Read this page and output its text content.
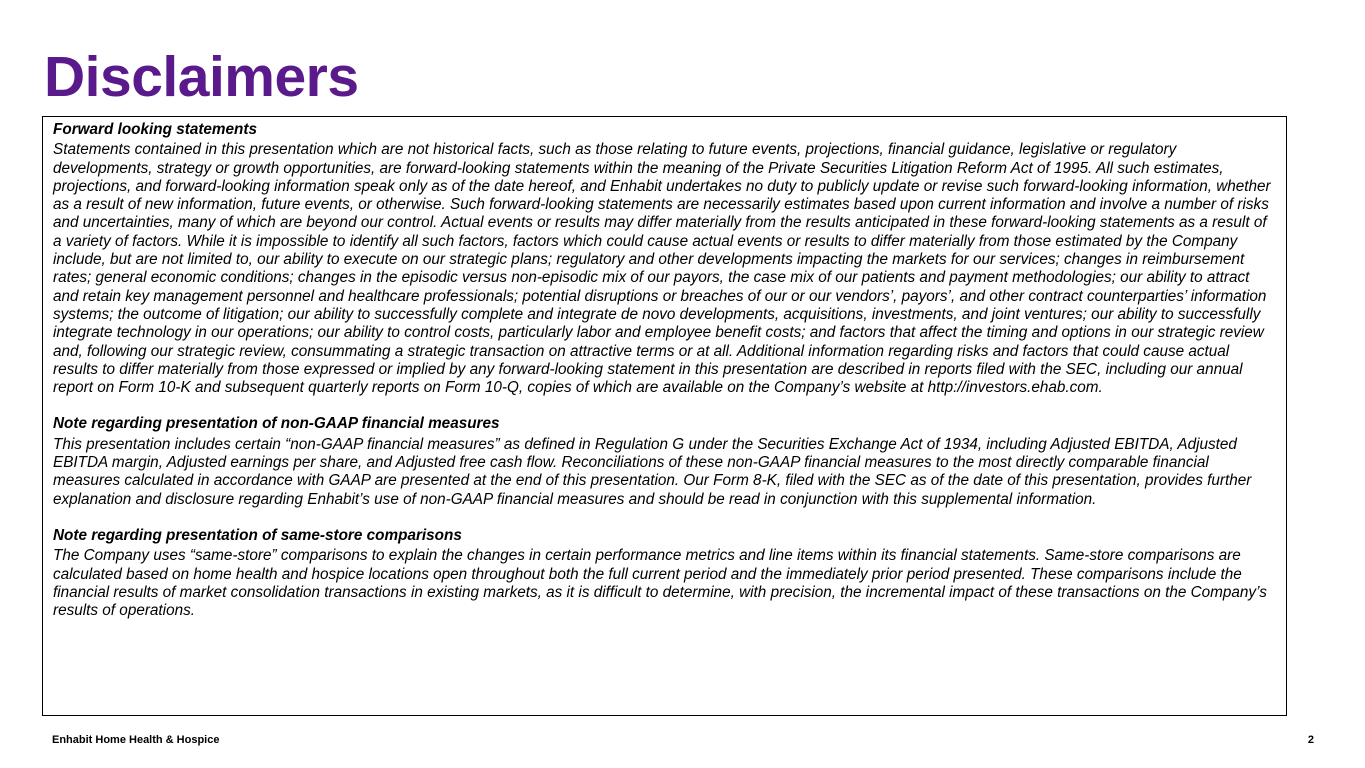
Disclaimers

Forward looking statements

Statements contained in this presentation which are not historical facts, such as those relating to future events, projections, financial guidance, legislative or regulatory developments, strategy or growth opportunities, are forward-looking statements within the meaning of the Private Securities Litigation Reform Act of 1995. All such estimates, projections, and forward-looking information speak only as of the date hereof, and Enhabit undertakes no duty to publicly update or revise such forward-looking information, whether as a result of new information, future events, or otherwise. Such forward-looking statements are necessarily estimates based upon current information and involve a number of risks and uncertainties, many of which are beyond our control. Actual events or results may differ materially from the results anticipated in these forward-looking statements as a result of a variety of factors. While it is impossible to identify all such factors, factors which could cause actual events or results to differ materially from those estimated by the Company include, but are not limited to, our ability to execute on our strategic plans; regulatory and other developments impacting the markets for our services; changes in reimbursement rates; general economic conditions; changes in the episodic versus non-episodic mix of our payors, the case mix of our patients and payment methodologies; our ability to attract and retain key management personnel and healthcare professionals; potential disruptions or breaches of our or our vendors’, payors’, and other contract counterparties’ information systems; the outcome of litigation; our ability to successfully complete and integrate de novo developments, acquisitions, investments, and joint ventures; our ability to successfully integrate technology in our operations; our ability to control costs, particularly labor and employee benefit costs; and factors that affect the timing and options in our strategic review and, following our strategic review, consummating a strategic transaction on attractive terms or at all. Additional information regarding risks and factors that could cause actual results to differ materially from those expressed or implied by any forward-looking statement in this presentation are described in reports filed with the SEC, including our annual report on Form 10-K and subsequent quarterly reports on Form 10-Q, copies of which are available on the Company’s website at http://investors.ehab.com.

Note regarding presentation of non-GAAP financial measures

This presentation includes certain “non-GAAP financial measures” as defined in Regulation G under the Securities Exchange Act of 1934, including Adjusted EBITDA, Adjusted EBITDA margin, Adjusted earnings per share, and Adjusted free cash flow. Reconciliations of these non-GAAP financial measures to the most directly comparable financial measures calculated in accordance with GAAP are presented at the end of this presentation. Our Form 8-K, filed with the SEC as of the date of this presentation, provides further explanation and disclosure regarding Enhabit’s use of non-GAAP financial measures and should be read in conjunction with this supplemental information.

Note regarding presentation of same-store comparisons

The Company uses “same-store” comparisons to explain the changes in certain performance metrics and line items within its financial statements. Same-store comparisons are calculated based on home health and hospice locations open throughout both the full current period and the immediately prior period presented. These comparisons include the financial results of market consolidation transactions in existing markets, as it is difficult to determine, with precision, the incremental impact of these transactions on the Company’s results of operations.

Enhabit Home Health & Hospice	2
